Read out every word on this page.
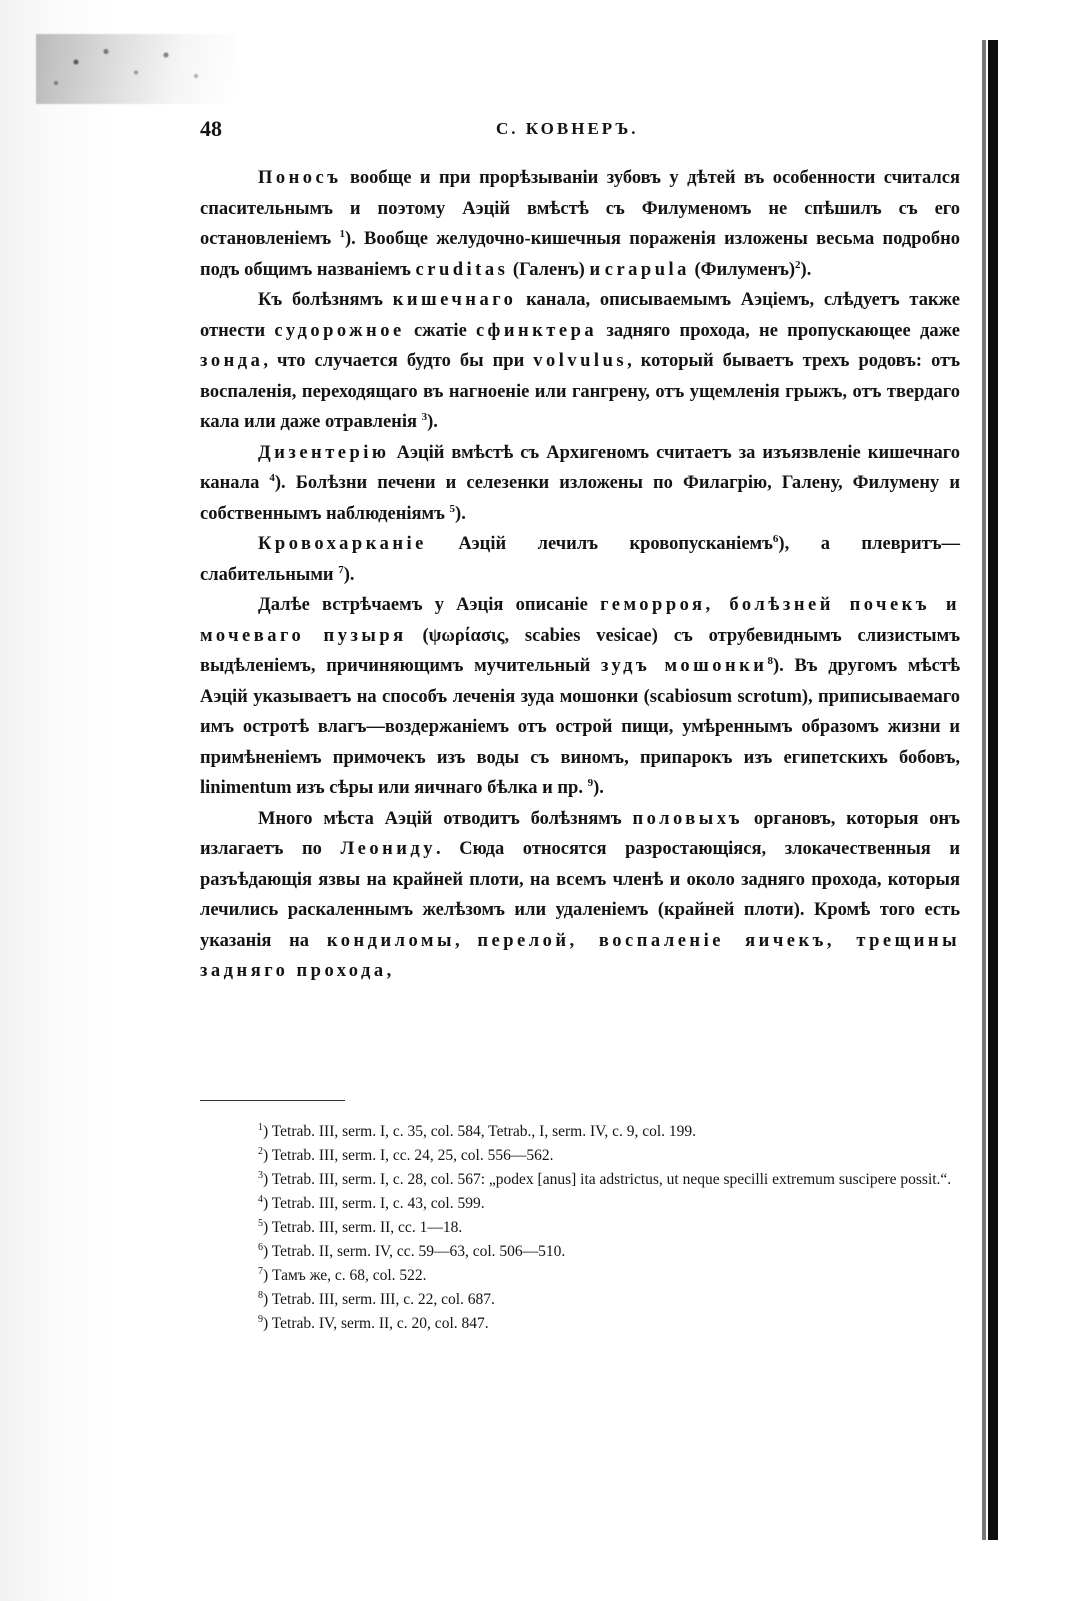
48	С. КОВНЕРЪ.

Поносъ вообще и при прорѣзываніи зубовъ у дѣтей въ особенности считался спасительнымъ и поэтому Аэцій вмѣстѣ съ Филуменомъ не спѣшилъ съ его остановленіемъ $^1$). Вообще желудочно-кишечныя пораженія изложены весьма подробно подъ общимъ названіемъ cruditas (Галенъ) и crapula (Филуменъ)$^2$).

Къ болѣзнямъ кишечнаго канала, описываемымъ Аэціемъ, слѣдуетъ также отнести судорожное сжатіе сфинктера задняго прохода, не пропускающее даже зонда, что случается будто бы при volvulus, который бываетъ трехъ родовъ: отъ воспаленія, переходящаго въ нагноеніе или гангрену, отъ ущемленія грыжъ, отъ твердаго кала или даже отравленія $^3$).

Дизентерію Аэцій вмѣстѣ съ Архигеномъ считаетъ за изъязвленіе кишечнаго канала $^4$). Болѣзни печени и селезенки изложены по Филагрію, Галену, Филумену и собственнымъ наблюденіямъ $^5$).

Кровохарканіе Аэцій лечилъ кровопусканіемъ$^6$), а плевритъ— слабительными $^7$).

Далѣе встрѣчаемъ у Аэція описаніе геморроя, болѣзней почекъ и мочеваго пузыря (ψωρίασις, scabies vesicae) съ отрубевиднымъ слизистымъ выдѣленіемъ, причиняющимъ мучительный зудъ мошонки$^8$). Въ другомъ мѣстѣ Аэцій указываетъ на способъ леченія зуда мошонки (scabiosum scrotum), приписываемаго имъ остротѣ влагъ—воздержаніемъ отъ острой пищи, умѣреннымъ образомъ жизни и примѣненіемъ примочекъ изъ воды съ виномъ, припарокъ изъ египетскихъ бобовъ, linimentum изъ сѣры или яичнаго бѣлка и пр. $^9$).

Много мѣста Аэцій отводитъ болѣзнямъ половыхъ органовъ, которыя онъ излагаетъ по Леониду. Сюда относятся разростающіяся, злокачественныя и разъѣдающія язвы на крайней плоти, на всемъ членѣ и около задняго прохода, которыя лечились раскаленнымъ желѣзомъ или удаленіемъ (крайней плоти). Кромѣ того есть указанія на кондиломы, перелой, воспаленіе яичекъ, трещины задняго прохода,

$^1$) Tetrab. III, serm. I, c. 35, col. 584, Tetrab., I, serm. IV, c. 9, col. 199.

$^2$) Tetrab. III, serm. I, cc. 24, 25, col. 556—562.

$^3$) Tetrab. III, serm. I, c. 28, col. 567: „podex [anus] ita adstrictus, ut neque specilli extremum suscipere possit.“.

$^4$) Tetrab. III, serm. I, c. 43, col. 599.

$^5$) Tetrab. III, serm. II, cc. 1—18.

$^6$) Tetrab. II, serm. IV, cc. 59—63, col. 506—510.

$^7$) Тамъ же, c. 68, col. 522.

$^8$) Tetrab. III, serm. III, c. 22, col. 687.

$^9$) Tetrab. IV, serm. II, c. 20, col. 847.
